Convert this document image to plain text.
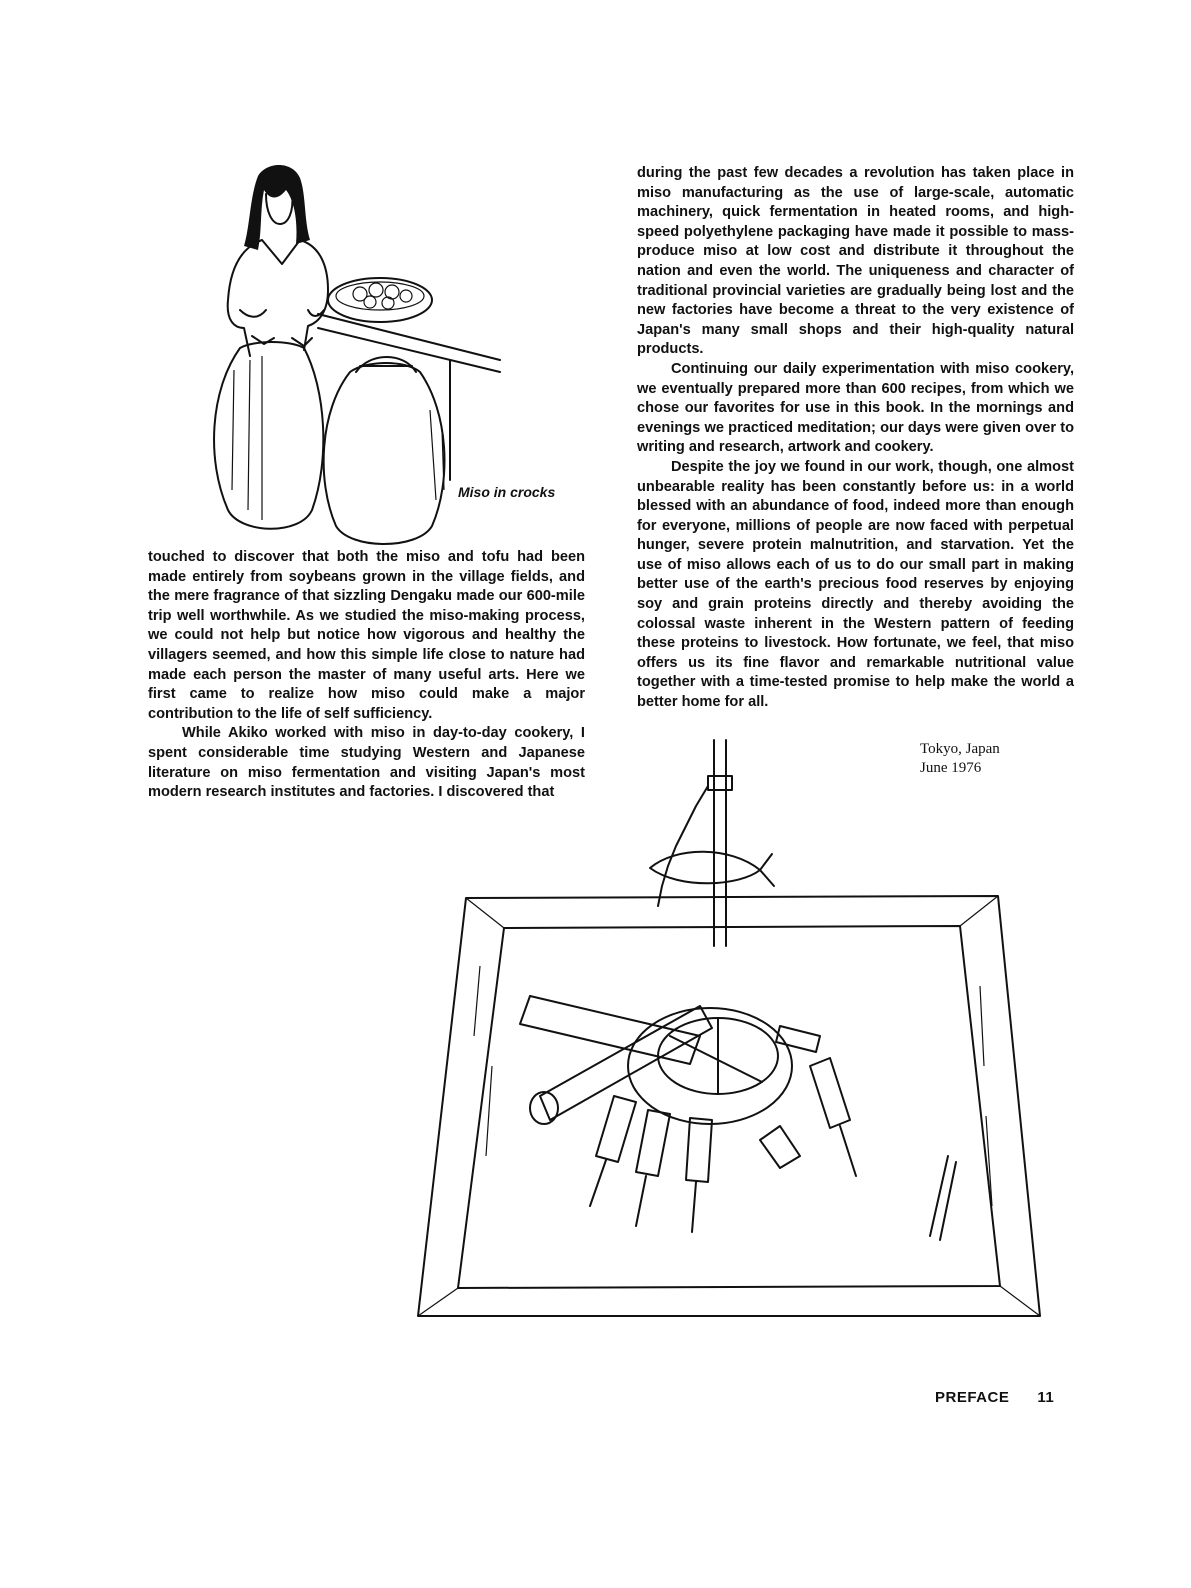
Miso in crocks

touched to discover that both the miso and tofu had been made entirely from soybeans grown in the village fields, and the mere fragrance of that sizzling Dengaku made our 600-mile trip well worthwhile. As we studied the miso-making process, we could not help but notice how vigorous and healthy the villagers seemed, and how this simple life close to nature had made each person the master of many useful arts. Here we first came to realize how miso could make a major contribution to the life of self sufficiency.

While Akiko worked with miso in day-to-day cookery, I spent considerable time studying Western and Japanese literature on miso fermentation and visiting Japan's most modern research institutes and factories. I discovered that

during the past few decades a revolution has taken place in miso manufacturing as the use of large-scale, automatic machinery, quick fermentation in heated rooms, and high-speed polyethylene packaging have made it possible to mass-produce miso at low cost and distribute it throughout the nation and even the world. The uniqueness and character of traditional provincial varieties are gradually being lost and the new factories have become a threat to the very existence of Japan's many small shops and their high-quality natural products.

Continuing our daily experimentation with miso cookery, we eventually prepared more than 600 recipes, from which we chose our favorites for use in this book. In the mornings and evenings we practiced meditation; our days were given over to writing and research, artwork and cookery.

Despite the joy we found in our work, though, one almost unbearable reality has been constantly before us: in a world blessed with an abundance of food, indeed more than enough for everyone, millions of people are now faced with perpetual hunger, severe protein malnutrition, and starvation. Yet the use of miso allows each of us to do our small part in making better use of the earth's precious food reserves by enjoying soy and grain proteins directly and thereby avoiding the colossal waste inherent in the Western pattern of feeding these proteins to livestock. How fortunate, we feel, that miso offers us its fine flavor and remarkable nutritional value together with a time-tested promise to help make the world a better home for all.

Tokyo, Japan
June 1976
PREFACE 11
